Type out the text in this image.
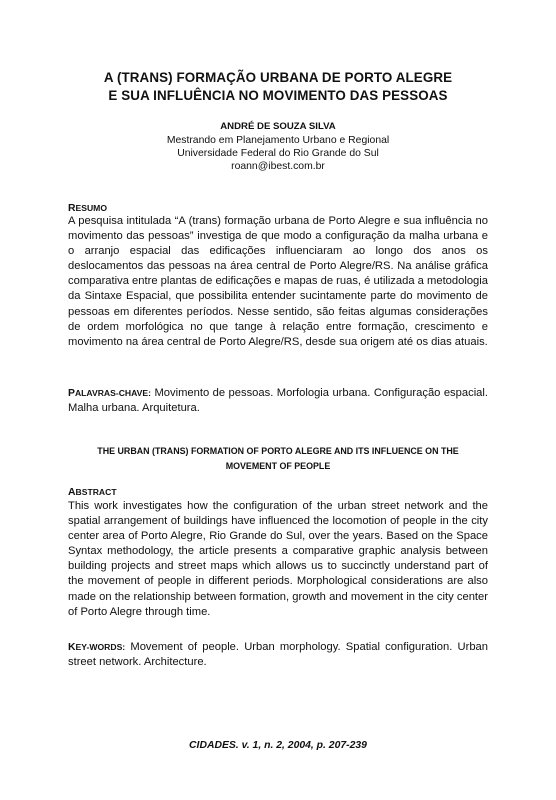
A (TRANS) FORMAÇÃO URBANA DE PORTO ALEGRE
E SUA INFLUÊNCIA NO MOVIMENTO DAS PESSOAS
ANDRÉ DE SOUZA SILVA
Mestrando em Planejamento Urbano e Regional
Universidade Federal do Rio Grande do Sul
roann@ibest.com.br
RESUMO
A pesquisa intitulada “A (trans) formação urbana de Porto Alegre e sua influência no movimento das pessoas” investiga de que modo a configuração da malha urbana e o arranjo espacial das edificações influenciaram ao longo dos anos os deslocamentos das pessoas na área central de Porto Alegre/RS. Na análise gráfica comparativa entre plantas de edificações e mapas de ruas, é utilizada a metodologia da Sintaxe Espacial, que possibilita entender sucintamente parte do movimento de pessoas em diferentes períodos. Nesse sentido, são feitas algumas considerações de ordem morfológica no que tange à relação entre formação, crescimento e movimento na área central de Porto Alegre/RS, desde sua origem até os dias atuais.
PALAVRAS-CHAVE: Movimento de pessoas. Morfologia urbana. Configuração espacial. Malha urbana. Arquitetura.
THE URBAN (TRANS) FORMATION OF PORTO ALEGRE AND ITS INFLUENCE ON THE
MOVEMENT OF PEOPLE
ABSTRACT
This work investigates how the configuration of the urban street network and the spatial arrangement of buildings have influenced the locomotion of people in the city center area of Porto Alegre, Rio Grande do Sul, over the years. Based on the Space Syntax methodology, the article presents a comparative graphic analysis between building projects and street maps which allows us to succinctly understand part of the movement of people in different periods. Morphological considerations are also made on the relationship between formation, growth and movement in the city center of Porto Alegre through time.
KEY-WORDS: Movement of people. Urban morphology. Spatial configuration. Urban street network. Architecture.
CIDADES. v. 1, n. 2, 2004, p. 207-239
